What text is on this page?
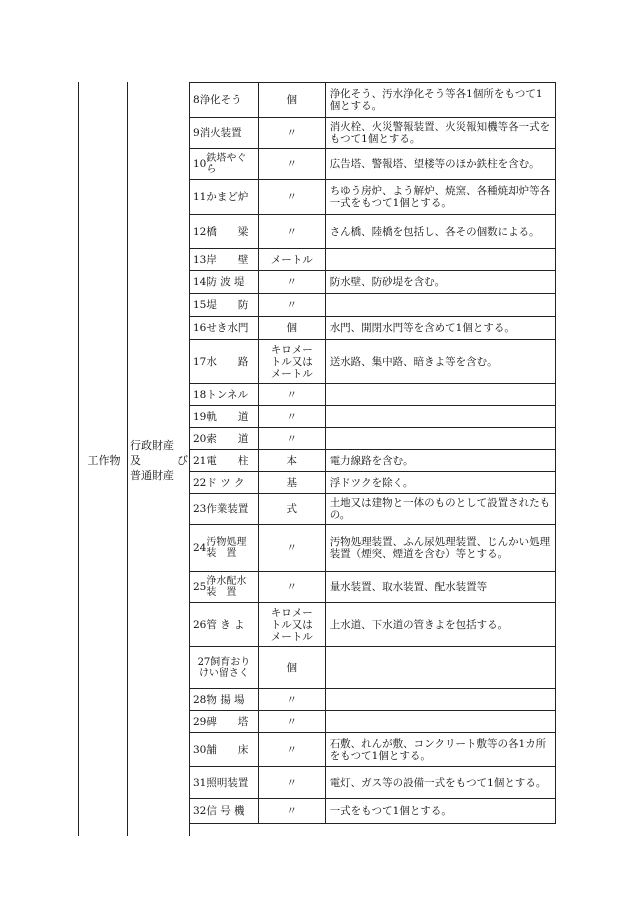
工作物
行政財産
及	び
普通財産
8 浄化そう	個	浄化そう、汚水浄化そう等各1個所をもつて1個とする。

9 消火装置	〃	消火栓、火災警報装置、火災報知機等各一式をもつて1個とする。

10 鉄塔やぐら	〃	広告塔、警報塔、望楼等のほか鉄柱を含む。

11 かまど炉	〃	ちゆう房炉、よう解炉、焼窯、各種焼却炉等各一式をもつて1個とする。

12 橋　　梁	〃	さん橋、陸橋を包括し、各その個数による。

13 岸　　壁	メートル	

14 防 波 堤	〃	防水壁、防砂堤を含む。

15 堤　　防	〃	

16 せき水門	個	水門、開閉水門等を含めて1個とする。

17 水　　路	キロメートル又はメートル	送水路、集中路、暗きよ等を含む。

18 トンネル	〃	

19 軌　　道	〃	

20 索　　道	〃	

21 電　　柱	本	電力線路を含む。

22 ド ツ ク	基	浮ドツクを除く。

23 作業装置	式	土地又は建物と一体のものとして設置されたもの。

24 汚物処理装　置	〃	汚物処理装置、ふん尿処理装置、じんかい処理装置（煙突、煙道を含む）等とする。

25 浄水配水装　置	〃	量水装置、取水装置、配水装置等

26 管 き よ	キロメートル又はメートル	上水道、下水道の管きよを包括する。

27飼育おりけい留さく	個	

28 物 揚 場	〃	

29 碑　　塔	〃	

30 舗　　床	〃	石敷、れんが敷、コンクリート敷等の各1カ所をもつて1個とする。

31 照明装置	〃	電灯、ガス等の設備一式をもつて1個とする。

32 信 号 機	〃	一式をもつて1個とする。
